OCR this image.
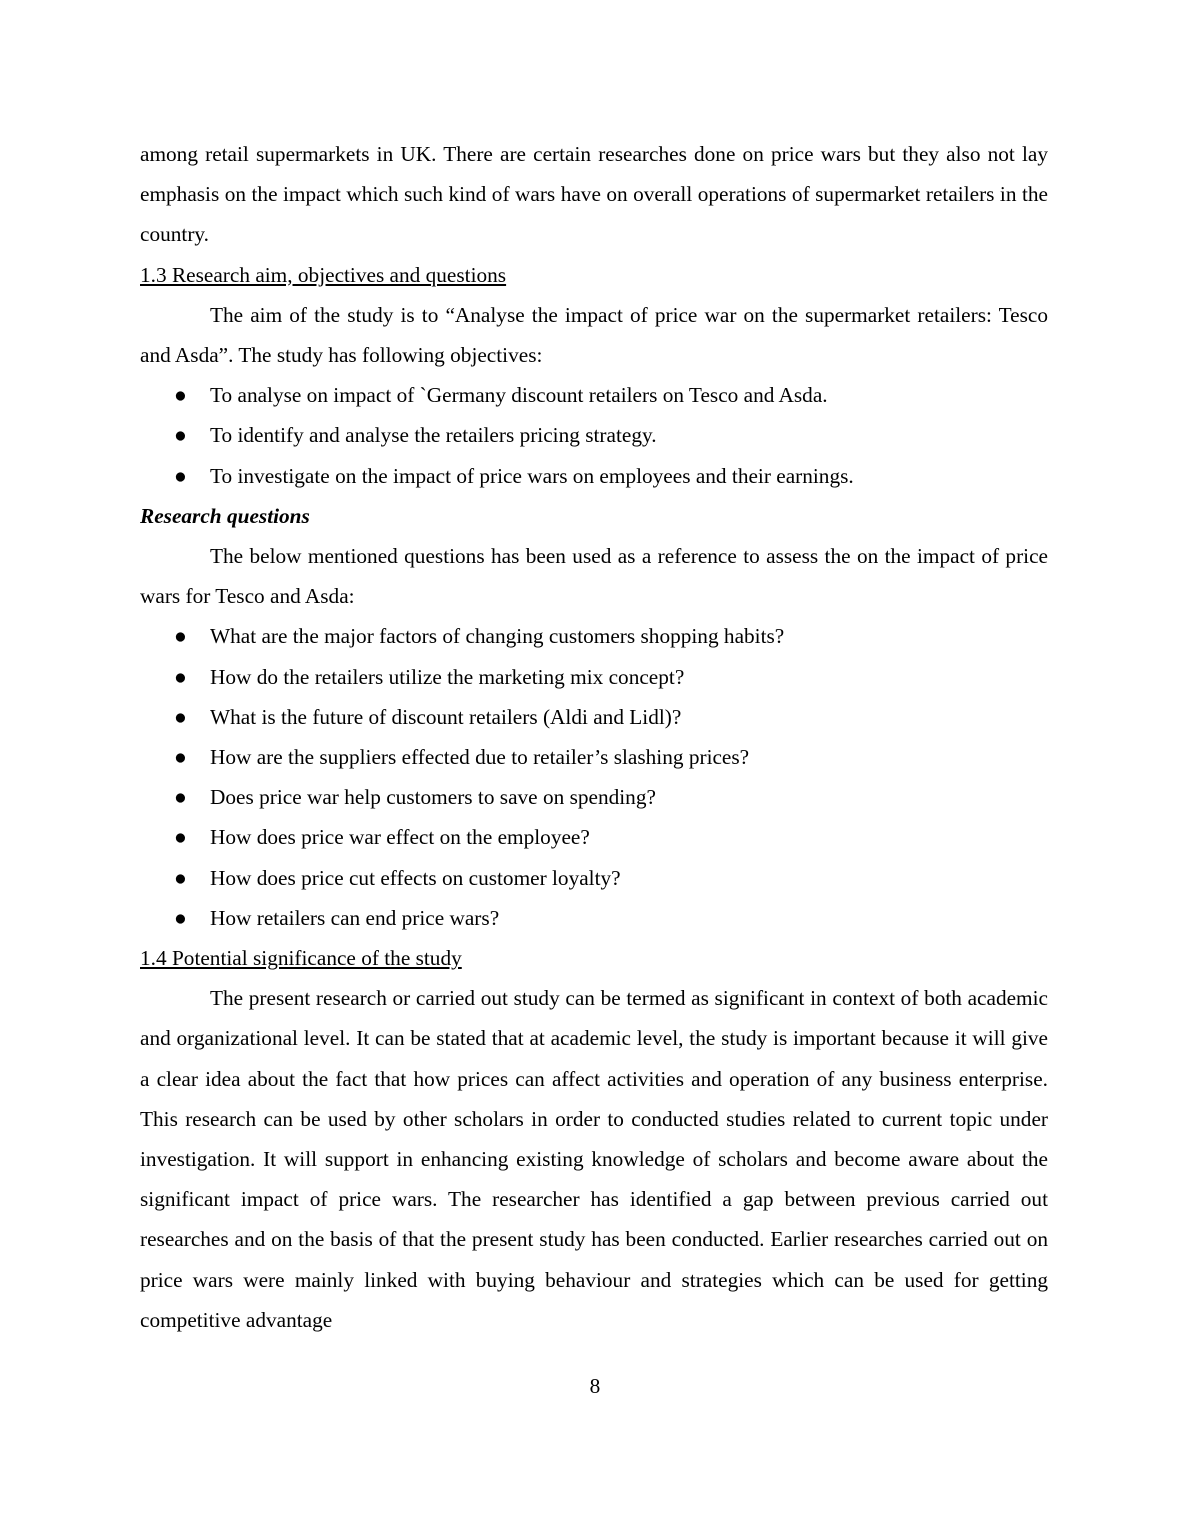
among retail supermarkets in UK. There are certain researches done on price wars but they also not lay emphasis on the impact which such kind of wars have on overall operations of supermarket retailers in the country.

1.3 Research aim, objectives and questions

The aim of the study is to “Analyse the impact of price war on the supermarket retailers: Tesco and Asda”. The study has following objectives:

● To analyse on impact of `Germany discount retailers on Tesco and Asda.
● To identify and analyse the retailers pricing strategy.
● To investigate on the impact of price wars on employees and their earnings.

Research questions

The below mentioned questions has been used as a reference to assess the on the impact of price wars for Tesco and Asda:

● What are the major factors of changing customers shopping habits?
● How do the retailers utilize the marketing mix concept?
● What is the future of discount retailers (Aldi and Lidl)?
● How are the suppliers effected due to retailer’s slashing prices?
● Does price war help customers to save on spending?
● How does price war effect on the employee?
● How does price cut effects on customer loyalty?
● How retailers can end price wars?

1.4 Potential significance of the study

The present research or carried out study can be termed as significant in context of both academic and organizational level. It can be stated that at academic level, the study is important because it will give a clear idea about the fact that how prices can affect activities and operation of any business enterprise. This research can be used by other scholars in order to conducted studies related to current topic under investigation. It will support in enhancing existing knowledge of scholars and become aware about the significant impact of price wars. The researcher has identified a gap between previous carried out researches and on the basis of that the present study has been conducted. Earlier researches carried out on price wars were mainly linked with buying behaviour and strategies which can be used for getting competitive advantage

8
